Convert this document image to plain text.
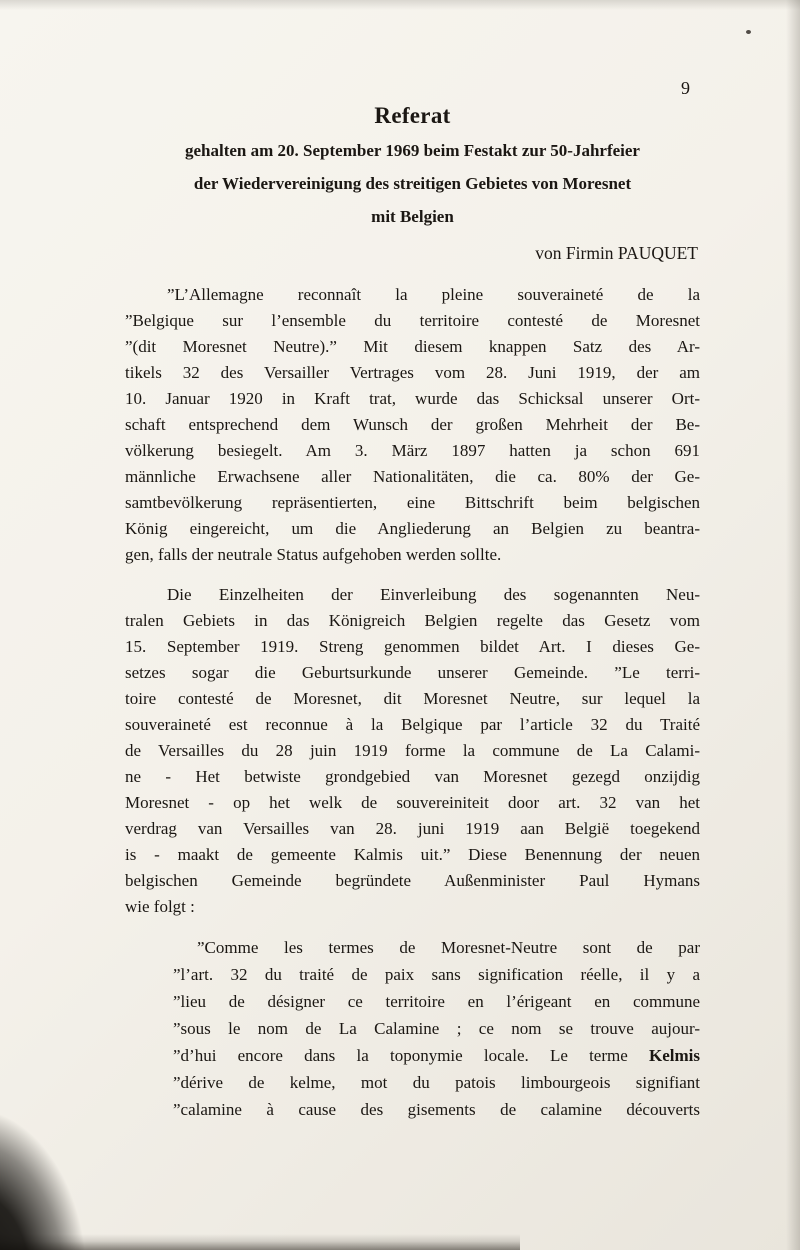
9
Referat
gehalten am 20. September 1969 beim Festakt zur 50-Jahrfeier
der Wiedervereinigung des streitigen Gebietes von Moresnet
mit Belgien
von Firmin PAUQUET
”L’Allemagne reconnaît la pleine souveraineté de la
”Belgique sur l’ensemble du territoire contesté de Moresnet
”(dit Moresnet Neutre).” Mit diesem knappen Satz des Ar-
tikels 32 des Versailler Vertrages vom 28. Juni 1919, der am
10. Januar 1920 in Kraft trat, wurde das Schicksal unserer Ort-
schaft entsprechend dem Wunsch der großen Mehrheit der Be-
völkerung besiegelt. Am 3. März 1897 hatten ja schon 691
männliche Erwachsene aller Nationalitäten, die ca. 80% der Ge-
samtbevölkerung repräsentierten, eine Bittschrift beim belgischen
König eingereicht, um die Angliederung an Belgien zu beantra-
gen, falls der neutrale Status aufgehoben werden sollte.
Die Einzelheiten der Einverleibung des sogenannten Neu-
tralen Gebiets in das Königreich Belgien regelte das Gesetz vom
15. September 1919. Streng genommen bildet Art. I dieses Ge-
setzes sogar die Geburtsurkunde unserer Gemeinde. ”Le terri-
toire contesté de Moresnet, dit Moresnet Neutre, sur lequel la
souveraineté est reconnue à la Belgique par l’article 32 du Traité
de Versailles du 28 juin 1919 forme la commune de La Calami-
ne - Het betwiste grondgebied van Moresnet gezegd onzijdig
Moresnet - op het welk de souvereiniteit door art. 32 van het
verdrag van Versailles van 28. juni 1919 aan België toegekend
is - maakt de gemeente Kalmis uit.” Diese Benennung der neuen
belgischen Gemeinde begründete Außenminister Paul Hymans
wie folgt :
”Comme les termes de Moresnet-Neutre sont de par
”l’art. 32 du traité de paix sans signification réelle, il y a
”lieu de désigner ce territoire en l’érigeant en commune
”sous le nom de La Calamine ; ce nom se trouve aujour-
”d’hui encore dans la toponymie locale. Le terme Kelmis
”dérive de kelme, mot du patois limbourgeois signifiant
”calamine à cause des gisements de calamine découverts
